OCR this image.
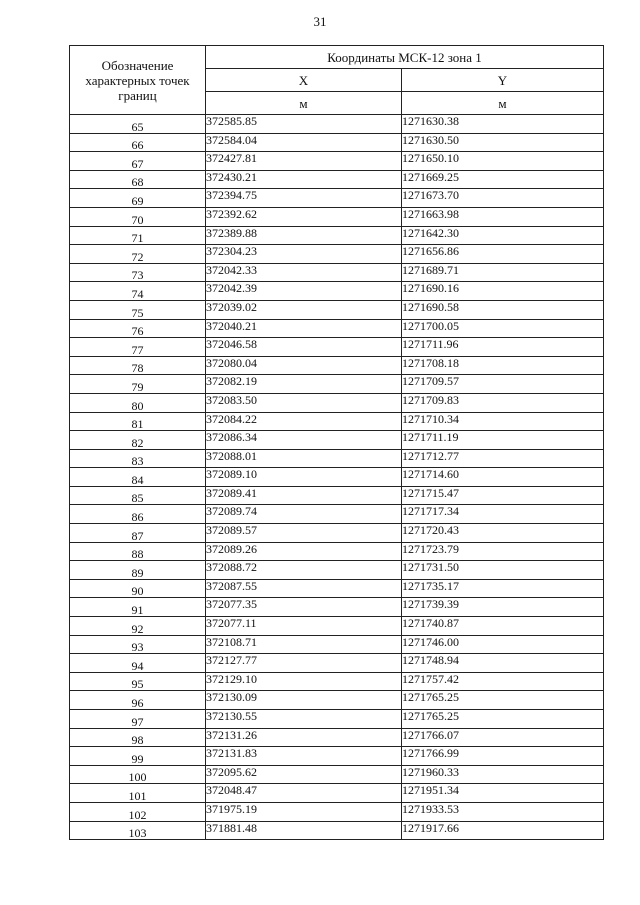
31
Обозначение характерных точек границ	Координаты МСК-12 зона 1	
	X	Y
	м	м
65	372585.85	1271630.38
66	372584.04	1271630.50
67	372427.81	1271650.10
68	372430.21	1271669.25
69	372394.75	1271673.70
70	372392.62	1271663.98
71	372389.88	1271642.30
72	372304.23	1271656.86
73	372042.33	1271689.71
74	372042.39	1271690.16
75	372039.02	1271690.58
76	372040.21	1271700.05
77	372046.58	1271711.96
78	372080.04	1271708.18
79	372082.19	1271709.57
80	372083.50	1271709.83
81	372084.22	1271710.34
82	372086.34	1271711.19
83	372088.01	1271712.77
84	372089.10	1271714.60
85	372089.41	1271715.47
86	372089.74	1271717.34
87	372089.57	1271720.43
88	372089.26	1271723.79
89	372088.72	1271731.50
90	372087.55	1271735.17
91	372077.35	1271739.39
92	372077.11	1271740.87
93	372108.71	1271746.00
94	372127.77	1271748.94
95	372129.10	1271757.42
96	372130.09	1271765.25
97	372130.55	1271765.25
98	372131.26	1271766.07
99	372131.83	1271766.99
100	372095.62	1271960.33
101	372048.47	1271951.34
102	371975.19	1271933.53
103	371881.48	1271917.66
